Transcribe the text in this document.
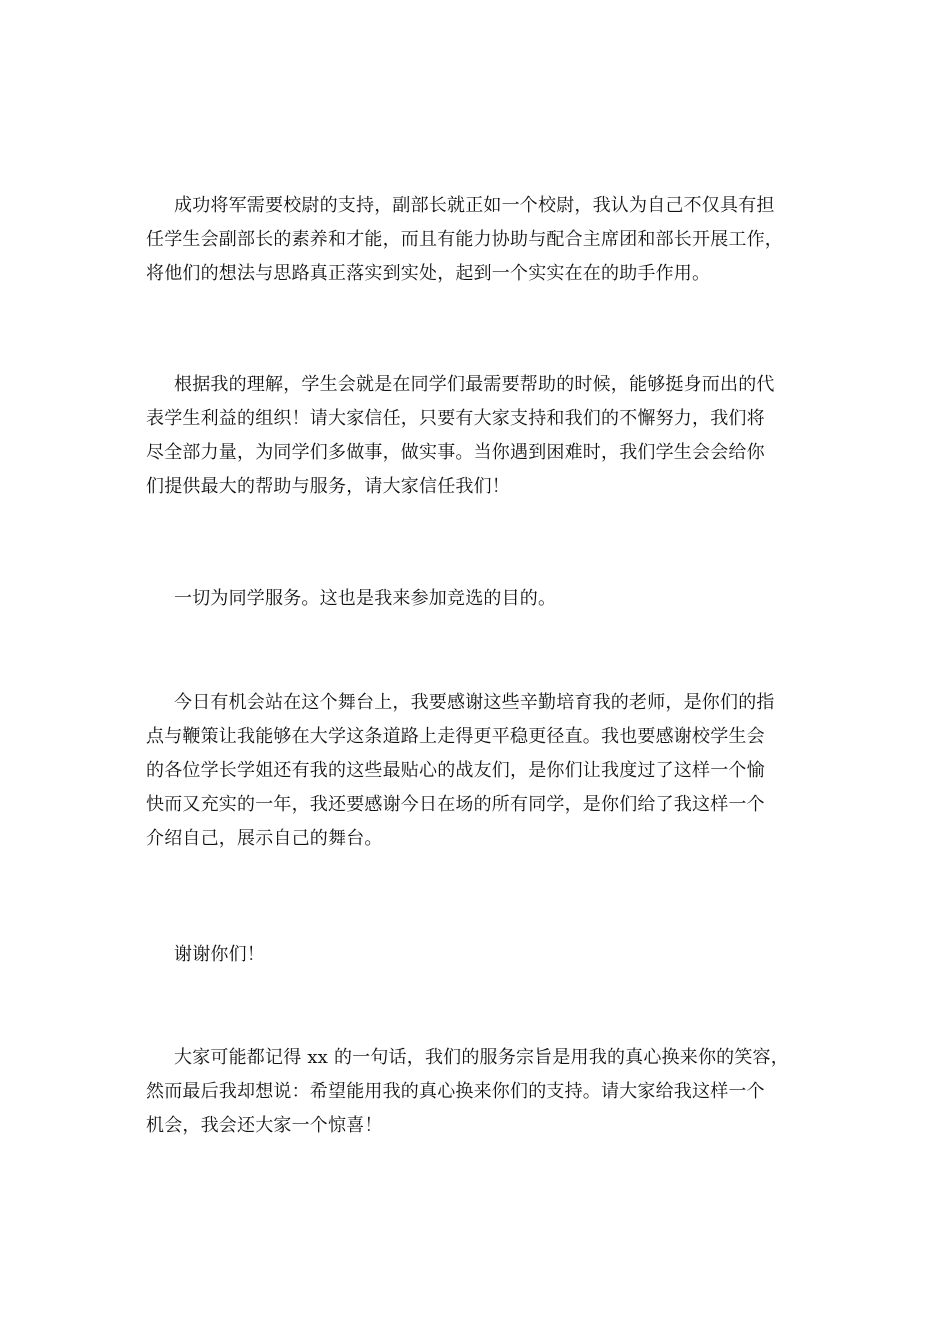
成功将军需要校尉的支持，副部长就正如一个校尉，我认为自己不仅具有担
任学生会副部长的素养和才能，而且有能力协助与配合主席团和部长开展工作，
将他们的想法与思路真正落实到实处，起到一个实实在在的助手作用。

根据我的理解，学生会就是在同学们最需要帮助的时候，能够挺身而出的代
表学生利益的组织！请大家信任，只要有大家支持和我们的不懈努力，我们将
尽全部力量，为同学们多做事，做实事。当你遇到困难时，我们学生会会给你
们提供最大的帮助与服务，请大家信任我们！

一切为同学服务。这也是我来参加竞选的目的。

今日有机会站在这个舞台上，我要感谢这些辛勤培育我的老师，是你们的指
点与鞭策让我能够在大学这条道路上走得更平稳更径直。我也要感谢校学生会
的各位学长学姐还有我的这些最贴心的战友们，是你们让我度过了这样一个愉
快而又充实的一年，我还要感谢今日在场的所有同学，是你们给了我这样一个
介绍自己，展示自己的舞台。

谢谢你们！

大家可能都记得 xx 的一句话，我们的服务宗旨是用我的真心换来你的笑容，
然而最后我却想说：希望能用我的真心换来你们的支持。请大家给我这样一个
机会，我会还大家一个惊喜！
